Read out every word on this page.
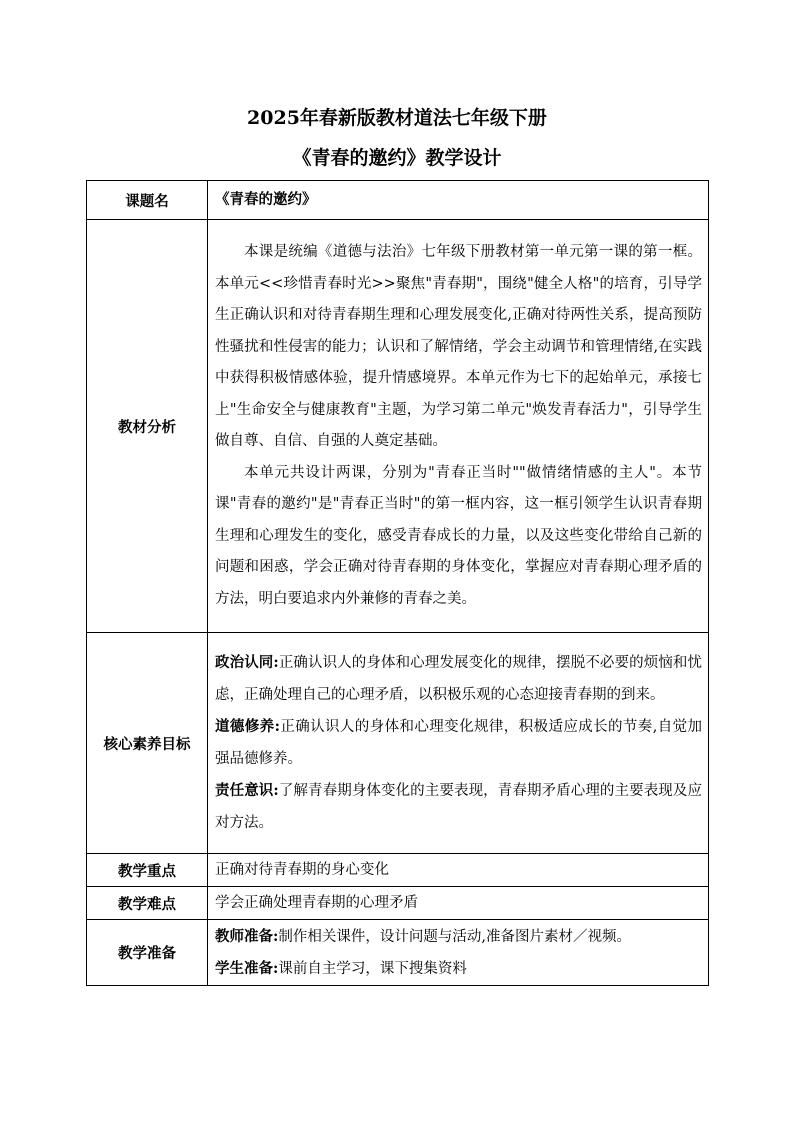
2025年春新版教材道法七年级下册
《青春的邀约》教学设计
课题名	《青春的邀约》
教材分析	本课是统编《道德与法治》七年级下册教材第一单元第一课的第一框。本单元<<珍惜青春时光>>聚焦"青春期"，围绕"健全人格"的培育，引导学生正确认识和对待青春期生理和心理发展变化,正确对待两性关系，提高预防性骚扰和性侵害的能力；认识和了解情绪，学会主动调节和管理情绪,在实践中获得积极情感体验，提升情感境界。本单元作为七下的起始单元，承接七上"生命安全与健康教育"主题，为学习第二单元"焕发青春活力"，引导学生做自尊、自信、自强的人奠定基础。

本单元共设计两课，分别为"青春正当时""做情绪情感的主人"。本节课"青春的邀约"是"青春正当时"的第一框内容，这一框引领学生认识青春期生理和心理发生的变化，感受青春成长的力量，以及这些变化带给自己新的问题和困惑，学会正确对待青春期的身体变化，掌握应对青春期心理矛盾的方法，明白要追求内外兼修的青春之美。

核心素养目标	政治认同:正确认识人的身体和心理发展变化的规律，摆脱不必要的烦恼和忧虑，正确处理自己的心理矛盾，以积极乐观的心态迎接青春期的到来。

道德修养:正确认识人的身体和心理变化规律，积极适应成长的节奏,自觉加强品德修养。

责任意识:了解青春期身体变化的主要表现，青春期矛盾心理的主要表现及应对方法。

教学重点	正确对待青春期的身心变化
教学难点	学会正确处理青春期的心理矛盾
教学准备	教师准备:制作相关课件，设计问题与活动,准备图片素材／视频。

学生准备:课前自主学习，课下搜集资料
